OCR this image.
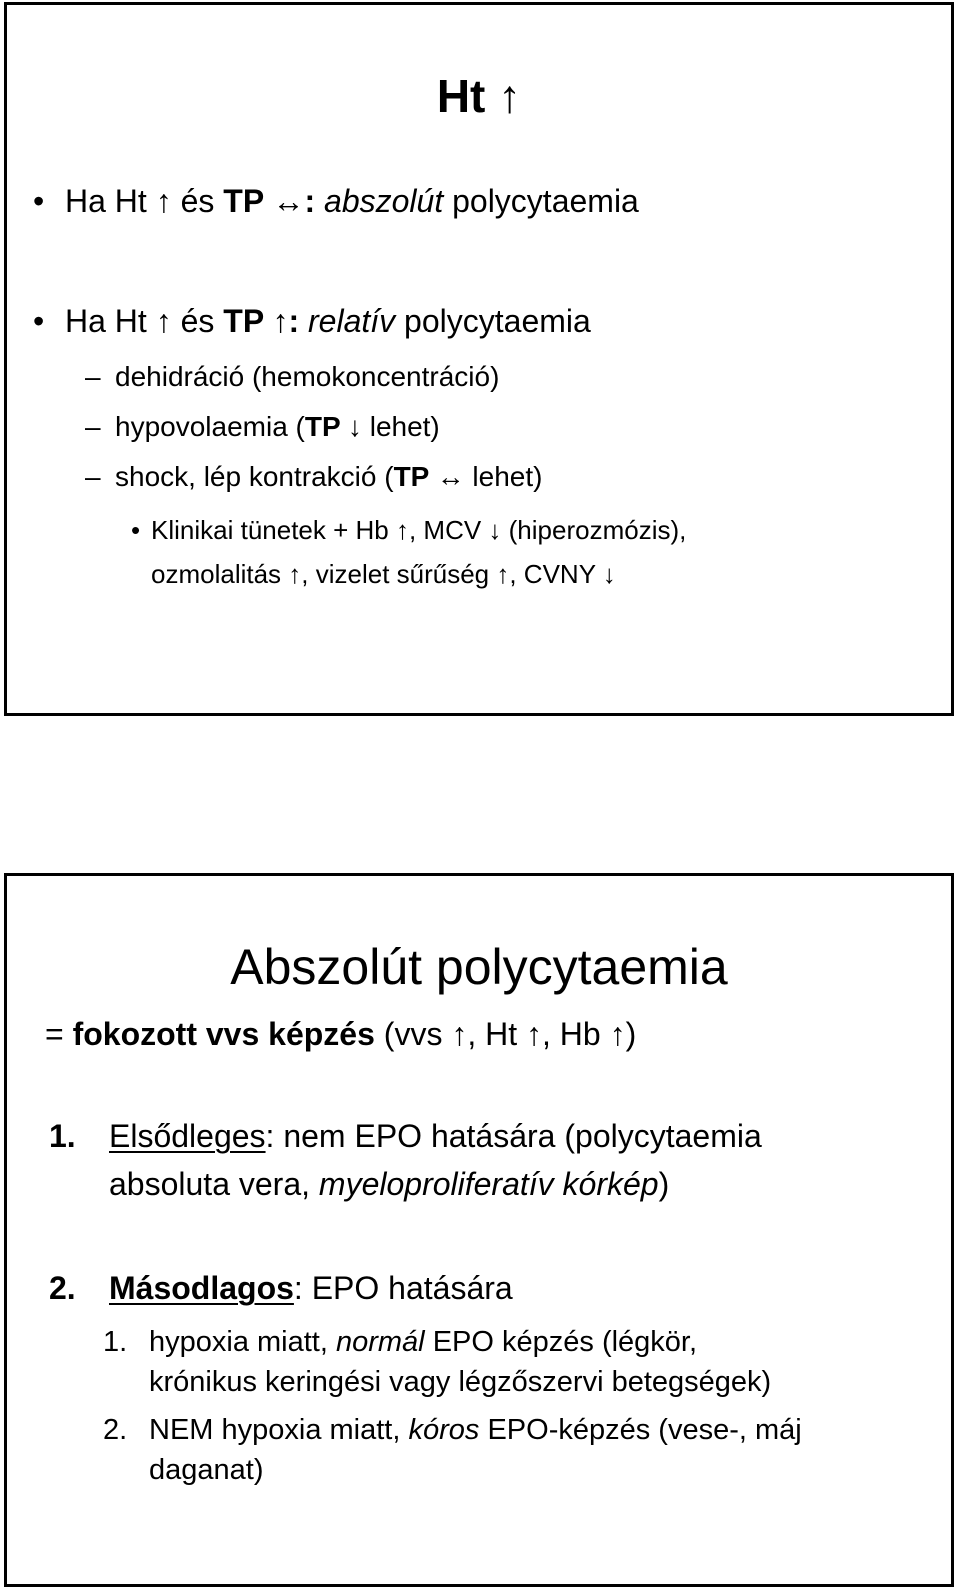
Ht ↑
• Ha Ht ↑ és TP ↔: abszolút polycytaemia
• Ha Ht ↑ és TP ↑: relatív polycytaemia
– dehidráció (hemokoncentráció)
– hypovolaemia (TP ↓ lehet)
– shock, lép kontrakció (TP ↔ lehet)
• Klinikai tünetek + Hb ↑, MCV ↓ (hiperozmózis),
ozmolalitás ↑, vizelet sűrűség ↑, CVNY ↓
Abszolút polycytaemia
= fokozott vvs képzés (vvs ↑, Ht ↑, Hb ↑)
1. Elsődleges: nem EPO hatására (polycytaemia
absoluta vera, myeloproliferatív kórkép)
2. Másodlagos: EPO hatására
1. hypoxia miatt, normál EPO képzés (légkör,
krónikus keringési vagy légzőszervi betegségek)
2. NEM hypoxia miatt, kóros EPO-képzés (vese-, máj
daganat)
